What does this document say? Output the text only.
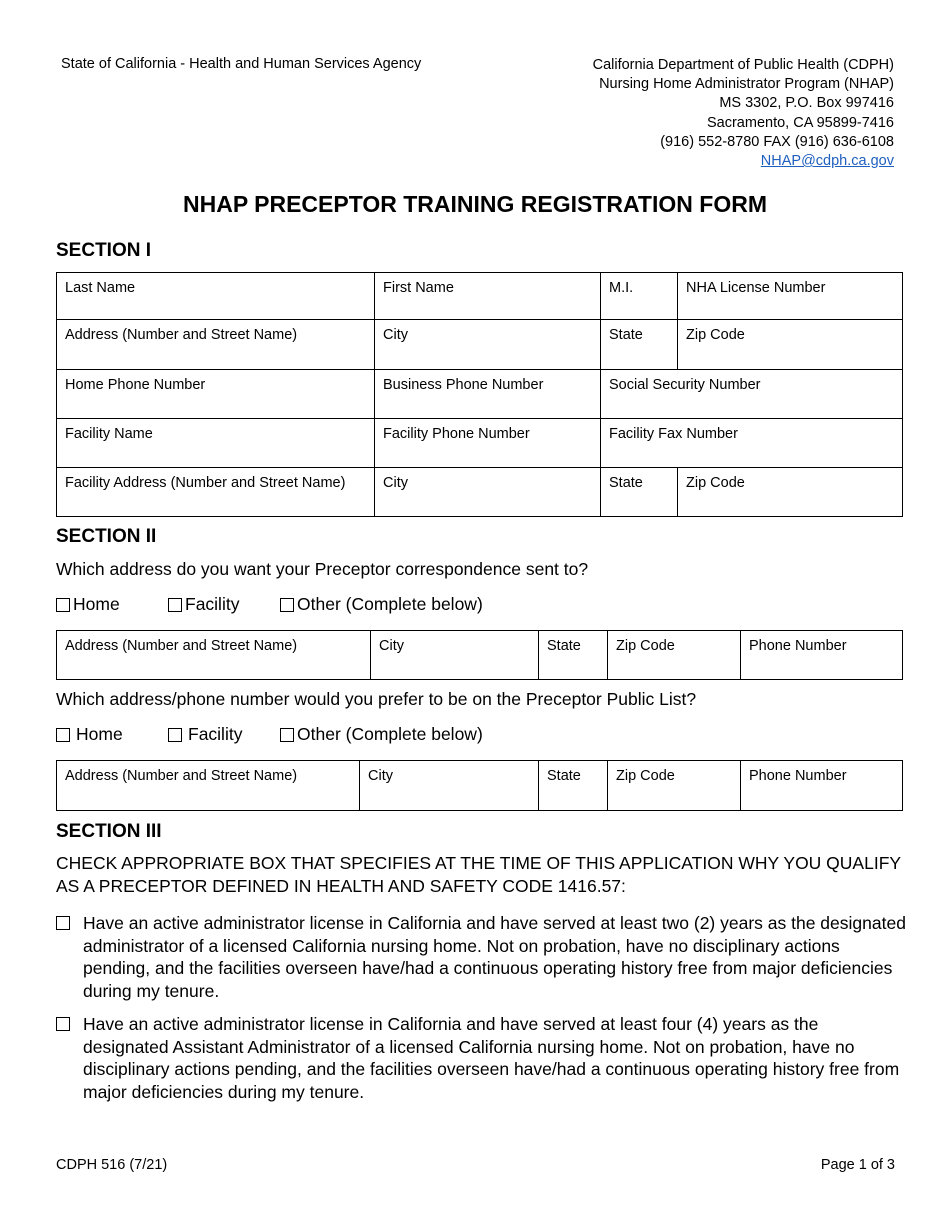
State of California - Health and Human Services Agency	California Department of Public Health (CDPH)
Nursing Home Administrator Program (NHAP)
MS 3302, P.O. Box 997416
Sacramento, CA 95899-7416
(916) 552-8780 FAX (916) 636-6108
NHAP@cdph.ca.gov
NHAP PRECEPTOR TRAINING REGISTRATION FORM
SECTION I
Last Name	First Name	M.I.	NHA License Number
Address (Number and Street Name)	City	State	Zip Code
Home Phone Number	Business Phone Number	Social Security Number	
Facility Name	Facility Phone Number	Facility Fax Number	
Facility Address (Number and Street Name)	City	State	Zip Code
SECTION II
Which address do you want your Preceptor correspondence sent to?
Home	Facility	Other (Complete below)
Address (Number and Street Name)	City	State	Zip Code	Phone Number
Which address/phone number would you prefer to be on the Preceptor Public List?
Home	Facility	Other (Complete below)
Address (Number and Street Name)	City	State	Zip Code	Phone Number
SECTION III
CHECK APPROPRIATE BOX THAT SPECIFIES AT THE TIME OF THIS APPLICATION WHY YOU QUALIFY AS A PRECEPTOR DEFINED IN HEALTH AND SAFETY CODE 1416.57:
Have an active administrator license in California and have served at least two (2) years as the designated administrator of a licensed California nursing home. Not on probation, have no disciplinary actions pending, and the facilities overseen have/had a continuous operating history free from major deficiencies during my tenure.
Have an active administrator license in California and have served at least four (4) years as the designated Assistant Administrator of a licensed California nursing home. Not on probation, have no disciplinary actions pending, and the facilities overseen have/had a continuous operating history free from major deficiencies during my tenure.
CDPH 516 (7/21)	Page 1 of 3
